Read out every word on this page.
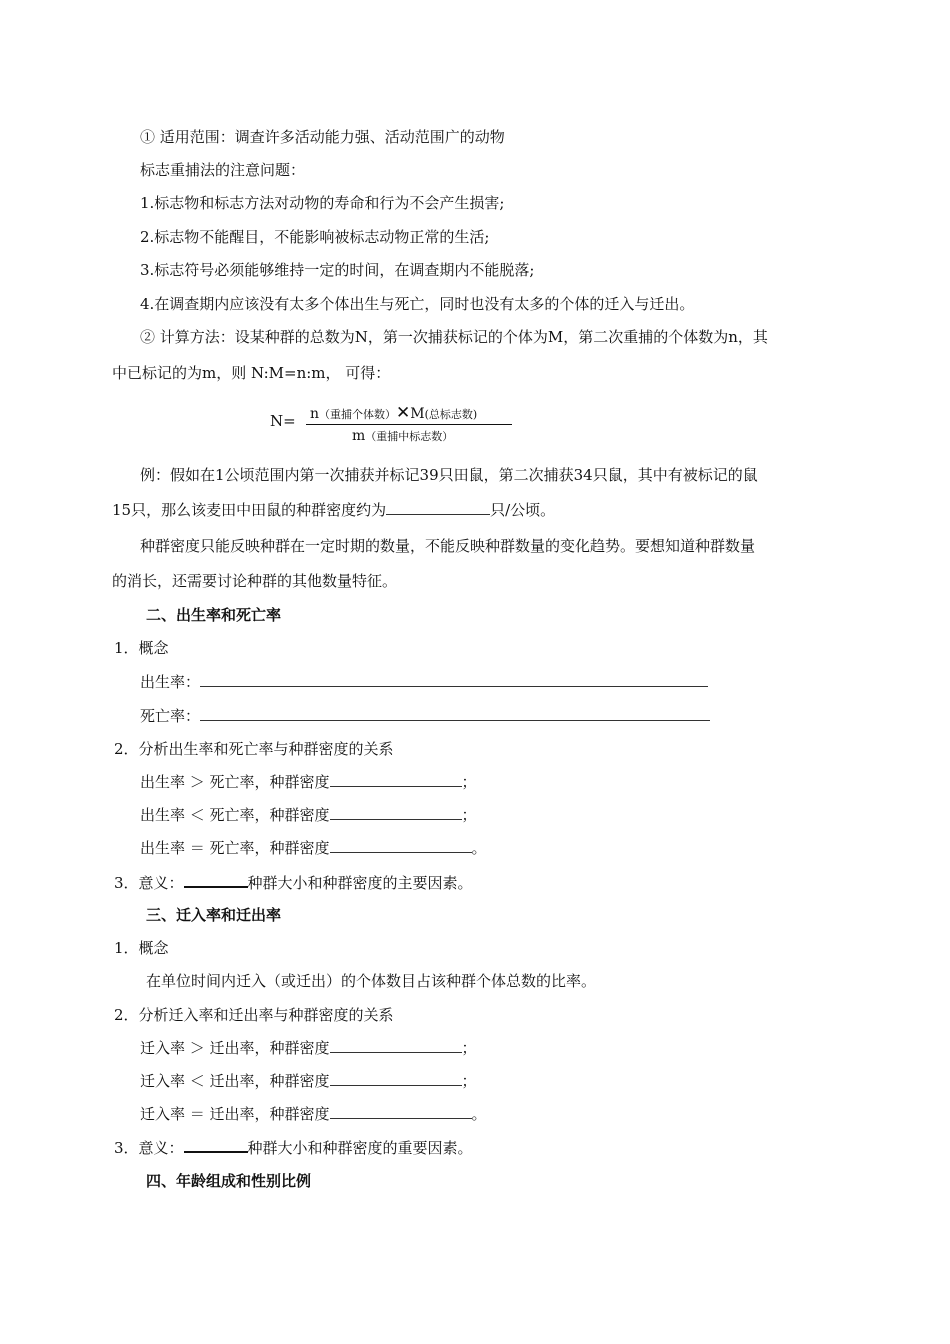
① 适用范围：调查许多活动能力强、活动范围广的动物
标志重捕法的注意问题：
1.标志物和标志方法对动物的寿命和行为不会产生损害;
2.标志物不能醒目，不能影响被标志动物正常的生活;
3.标志符号必须能够维持一定的时间，在调查期内不能脱落;
4.在调查期内应该没有太多个体出生与死亡，同时也没有太多的个体的迁入与迁出。
② 计算方法：设某种群的总数为N，第一次捕获标记的个体为M，第二次重捕的个体数为n，其
中已标记的为m，则 N:M=n:m， 可得：
N= n（重捕个体数）✕M(总标志数)
m（重捕中标志数）
例：假如在1公顷范围内第一次捕获并标记39只田鼠，第二次捕获34只鼠，其中有被标记的鼠
15只，那么该麦田中田鼠的种群密度约为	只/公顷。
种群密度只能反映种群在一定时期的数量，不能反映种群数量的变化趋势。要想知道种群数量
的消长，还需要讨论种群的其他数量特征。
二、出生率和死亡率
1．概念
出生率：
死亡率：
2．分析出生率和死亡率与种群密度的关系
出生率 ＞ 死亡率，种群密度	；
出生率 ＜ 死亡率，种群密度	；
出生率 ＝ 死亡率，种群密度	。
3．意义：	种群大小和种群密度的主要因素。
三、迁入率和迁出率
1．概念
在单位时间内迁入（或迁出）的个体数目占该种群个体总数的比率。
2．分析迁入率和迁出率与种群密度的关系
迁入率 ＞ 迁出率，种群密度	；
迁入率 ＜ 迁出率，种群密度	；
迁入率 ＝ 迁出率，种群密度	。
3．意义：	种群大小和种群密度的重要因素。
四、年龄组成和性别比例
